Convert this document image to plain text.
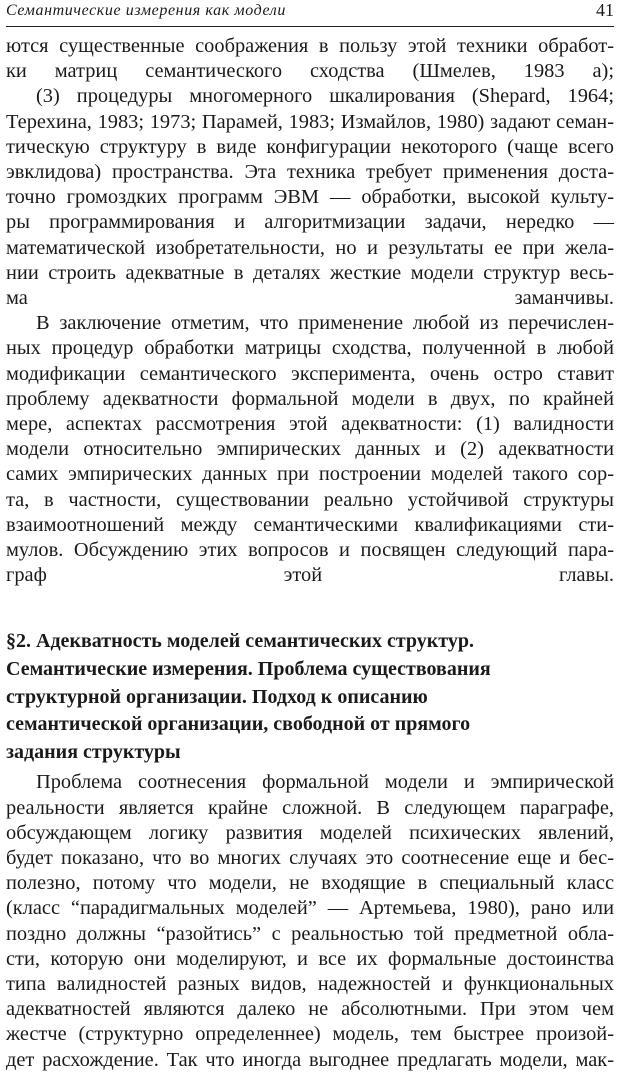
Семантические измерения как модели	41
ются существенные соображения в пользу этой техники обработ-
ки матриц семантического сходства (Шмелев, 1983 а);
(3) процедуры многомерного шкалирования (Shepard, 1964;
Терехина, 1983; 1973; Парамей, 1983; Измайлов, 1980) задают семан-
тическую структуру в виде конфигурации некоторого (чаще всего
эвклидова) пространства. Эта техника требует применения доста-
точно громоздких программ ЭВМ — обработки, высокой культу-
ры программирования и алгоритмизации задачи, нередко —
математической изобретательности, но и результаты ее при жела-
нии строить адекватные в деталях жесткие модели структур весь-
ма заманчивы.
В заключение отметим, что применение любой из перечислен-
ных процедур обработки матрицы сходства, полученной в любой
модификации семантического эксперимента, очень остро ставит
проблему адекватности формальной модели в двух, по крайней
мере, аспектах рассмотрения этой адекватности: (1) валидности
модели относительно эмпирических данных и (2) адекватности
самих эмпирических данных при построении моделей такого сор-
та, в частности, существовании реально устойчивой структуры
взаимоотношений между семантическими квалификациями сти-
мулов. Обсуждению этих вопросов и посвящен следующий пара-
граф этой главы.
§2. Адекватность моделей семантических структур.
Семантические измерения. Проблема существования
структурной организации. Подход к описанию
семантической организации, свободной от прямого
задания структуры
Проблема соотнесения формальной модели и эмпирической
реальности является крайне сложной. В следующем параграфе,
обсуждающем логику развития моделей психических явлений,
будет показано, что во многих случаях это соотнесение еще и бес-
полезно, потому что модели, не входящие в специальный класс
(класс “парадигмальных моделей” — Артемьева, 1980), рано или
поздно должны “разойтись” с реальностью той предметной обла-
сти, которую они моделируют, и все их формальные достоинства
типа валидностей разных видов, надежностей и функциональных
адекватностей являются далеко не абсолютными. При этом чем
жестче (структурно определеннее) модель, тем быстрее произой-
дет расхождение. Так что иногда выгоднее предлагать модели, мак-
